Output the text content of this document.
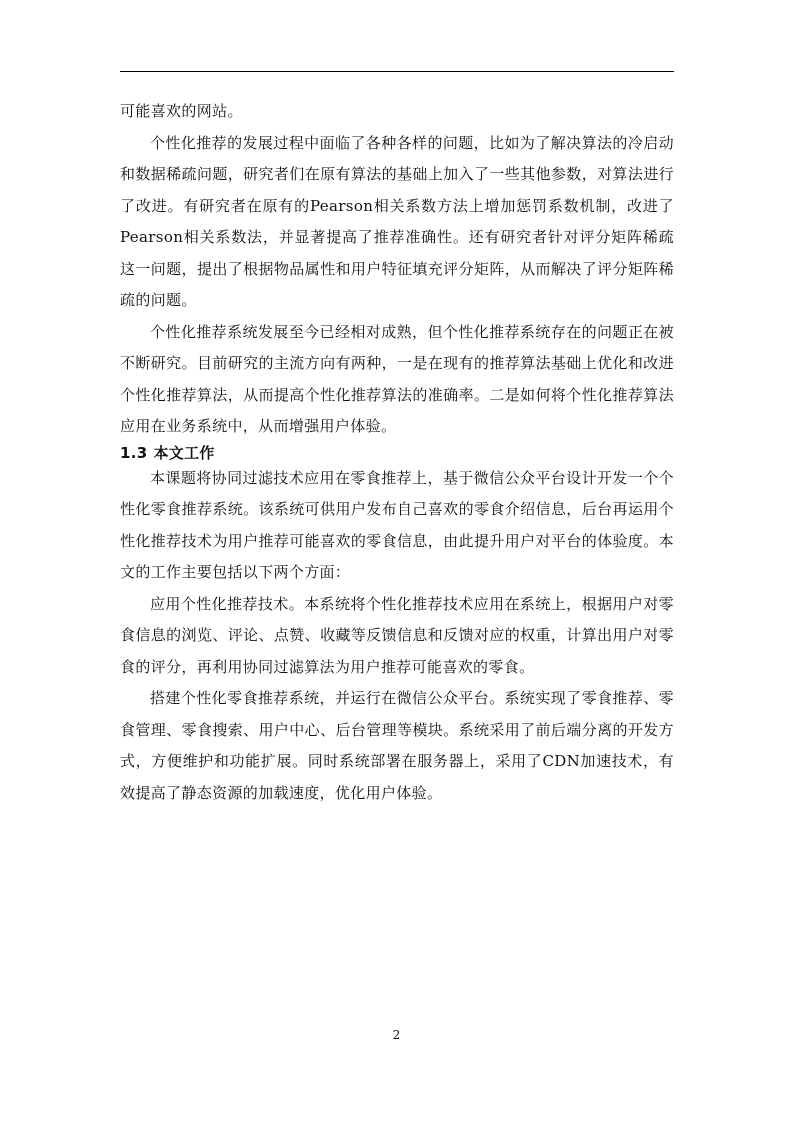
可能喜欢的网站。

个性化推荐的发展过程中面临了各种各样的问题，比如为了解决算法的冷启动和数据稀疏问题，研究者们在原有算法的基础上加入了一些其他参数，对算法进行了改进。有研究者在原有的Pearson相关系数方法上增加惩罚系数机制，改进了Pearson相关系数法，并显著提高了推荐准确性。还有研究者针对评分矩阵稀疏这一问题，提出了根据物品属性和用户特征填充评分矩阵，从而解决了评分矩阵稀疏的问题。

个性化推荐系统发展至今已经相对成熟，但个性化推荐系统存在的问题正在被不断研究。目前研究的主流方向有两种，一是在现有的推荐算法基础上优化和改进个性化推荐算法，从而提高个性化推荐算法的准确率。二是如何将个性化推荐算法应用在业务系统中，从而增强用户体验。

1.3 本文工作

本课题将协同过滤技术应用在零食推荐上，基于微信公众平台设计开发一个个性化零食推荐系统。该系统可供用户发布自己喜欢的零食介绍信息，后台再运用个性化推荐技术为用户推荐可能喜欢的零食信息，由此提升用户对平台的体验度。本文的工作主要包括以下两个方面：

应用个性化推荐技术。本系统将个性化推荐技术应用在系统上，根据用户对零食信息的浏览、评论、点赞、收藏等反馈信息和反馈对应的权重，计算出用户对零食的评分，再利用协同过滤算法为用户推荐可能喜欢的零食。

搭建个性化零食推荐系统，并运行在微信公众平台。系统实现了零食推荐、零食管理、零食搜索、用户中心、后台管理等模块。系统采用了前后端分离的开发方式，方便维护和功能扩展。同时系统部署在服务器上，采用了CDN加速技术，有效提高了静态资源的加载速度，优化用户体验。

2
